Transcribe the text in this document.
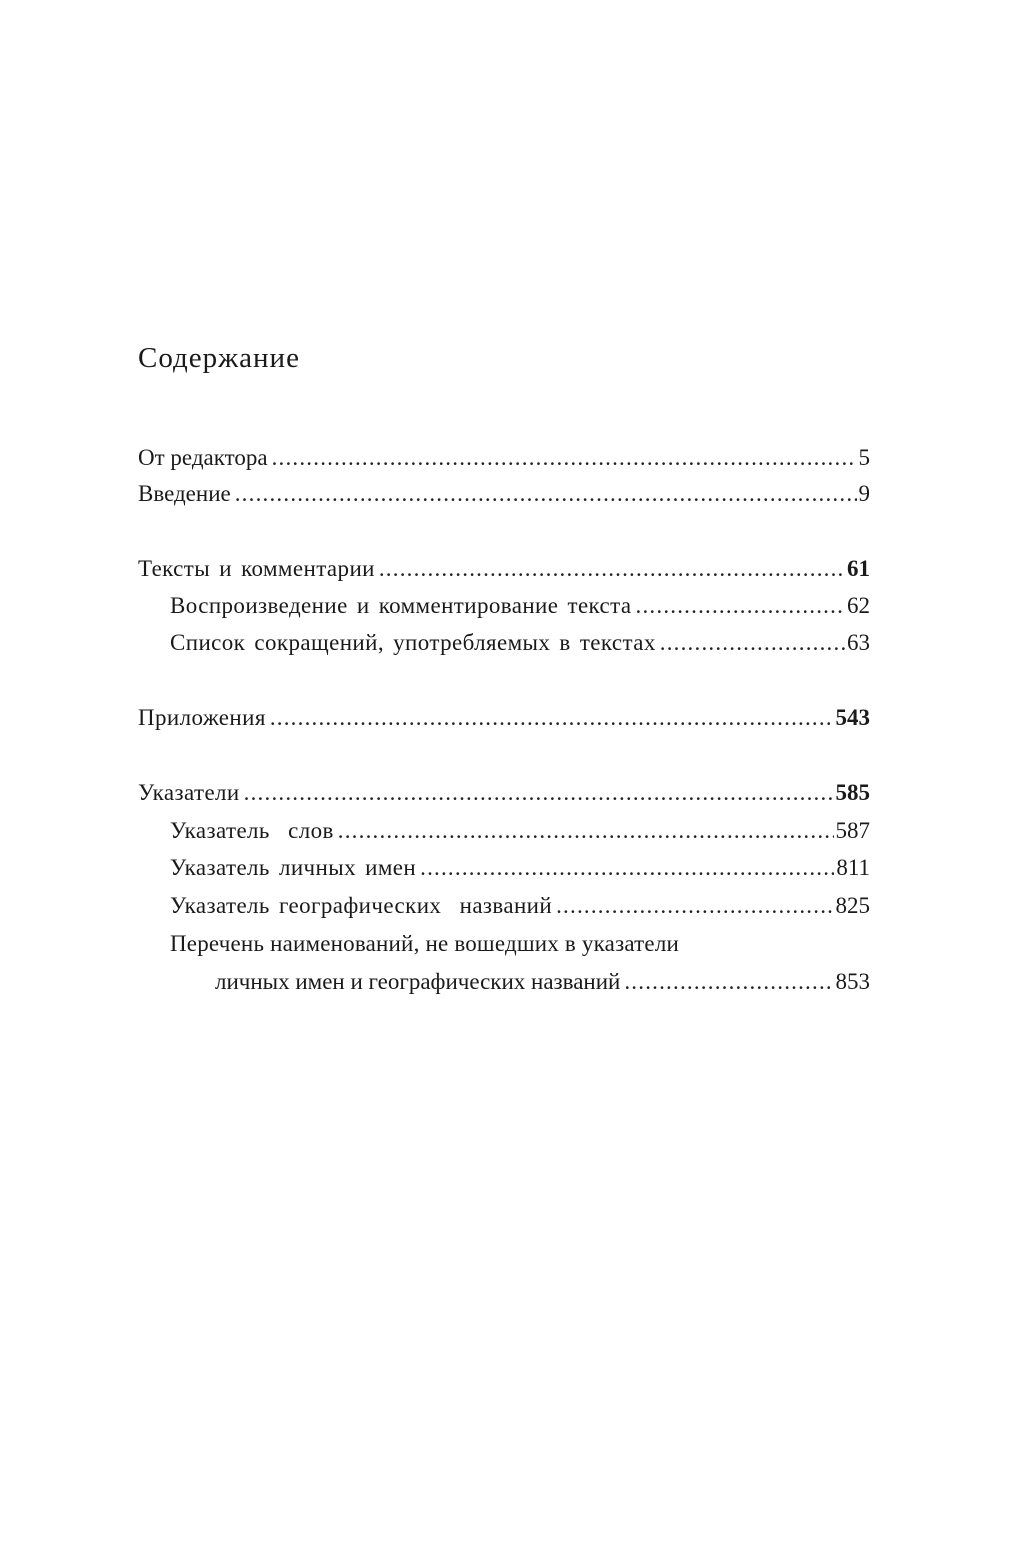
Содержание
От редактора .....	5
Введение .....	9
Тексты и комментарии .....	61
Воспроизведение и комментирование текста .....	62
Список сокращений, употребляемых в текстах .....	63
Приложения .....	543
Указатели .....	585
Указатель  слов .....	587
Указатель личных имен .....	811
Указатель географических  названий .....	825
Перечень наименований, не вошедших в указатели
личных имен и географических названий .....	853
